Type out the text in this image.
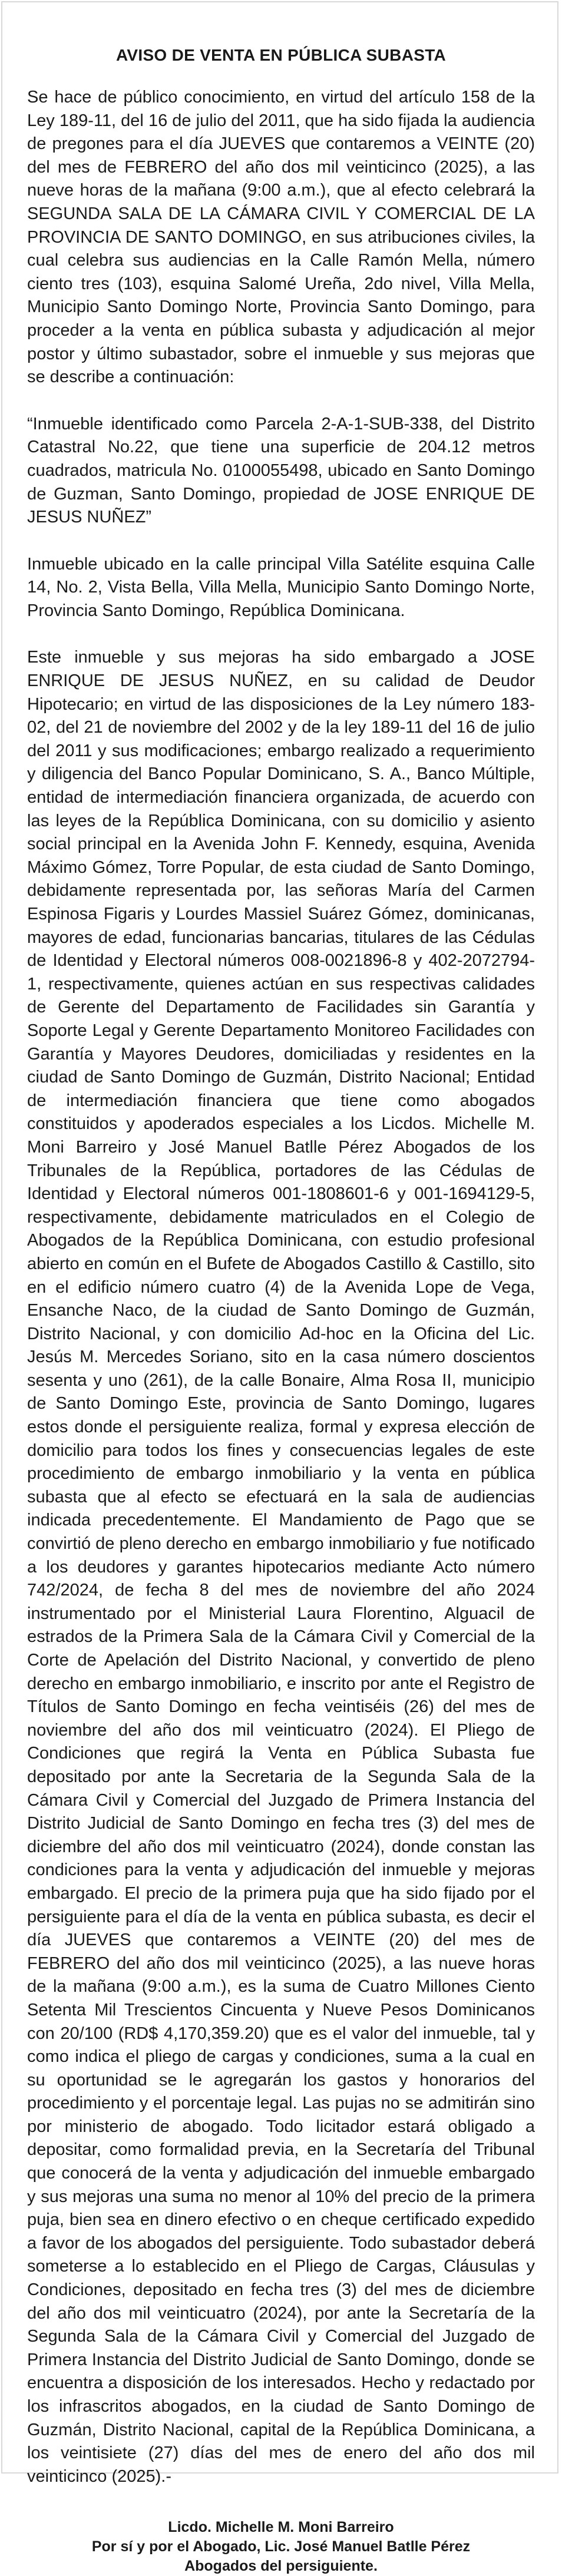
AVISO DE VENTA EN PÚBLICA SUBASTA

Se hace de público conocimiento, en virtud del artículo 158 de la Ley 189-11, del 16 de julio del 2011, que ha sido fijada la audiencia de pregones para el día JUEVES que contaremos a VEINTE (20) del mes de FEBRERO del año dos mil veinticinco (2025), a las nueve horas de la mañana (9:00 a.m.), que al efecto celebrará la SEGUNDA SALA DE LA CÁMARA CIVIL Y COMERCIAL DE LA PROVINCIA DE SANTO DOMINGO, en sus atribuciones civiles, la cual celebra sus audiencias en la Calle Ramón Mella, número ciento tres (103), esquina Salomé Ureña, 2do nivel, Villa Mella, Municipio Santo Domingo Norte, Provincia Santo Domingo, para proceder a la venta en pública subasta y adjudicación al mejor postor y último subastador, sobre el inmueble y sus mejoras que se describe a continuación:

“Inmueble identificado como Parcela 2-A-1-SUB-338, del Distrito Catastral No.22, que tiene una superficie de 204.12 metros cuadrados, matricula No. 0100055498, ubicado en Santo Domingo de Guzman, Santo Domingo, propiedad de JOSE ENRIQUE DE JESUS NUÑEZ”

Inmueble ubicado en la calle principal Villa Satélite esquina Calle 14, No. 2, Vista Bella, Villa Mella, Municipio Santo Domingo Norte, Provincia Santo Domingo, República Dominicana.

Este inmueble y sus mejoras ha sido embargado a JOSE ENRIQUE DE JESUS NUÑEZ, en su calidad de Deudor Hipotecario; en virtud de las disposiciones de la Ley número 183-02, del 21 de noviembre del 2002 y de la ley 189-11 del 16 de julio del 2011 y sus modificaciones; embargo realizado a requerimiento y diligencia del Banco Popular Dominicano, S. A., Banco Múltiple, entidad de intermediación financiera organizada, de acuerdo con las leyes de la República Dominicana, con su domicilio y asiento social principal en la Avenida John F. Kennedy, esquina, Avenida Máximo Gómez, Torre Popular, de esta ciudad de Santo Domingo, debidamente representada por, las señoras María del Carmen Espinosa Figaris y Lourdes Massiel Suárez Gómez, dominicanas, mayores de edad, funcionarias bancarias, titulares de las Cédulas de Identidad y Electoral números 008-0021896-8 y 402-2072794-1, respectivamente, quienes actúan en sus respectivas calidades de Gerente del Departamento de Facilidades sin Garantía y Soporte Legal y Gerente Departamento Monitoreo Facilidades con Garantía y Mayores Deudores, domiciliadas y residentes en la ciudad de Santo Domingo de Guzmán, Distrito Nacional; Entidad de intermediación financiera que tiene como abogados constituidos y apoderados especiales a los Licdos. Michelle M. Moni Barreiro y José Manuel Batlle Pérez Abogados de los Tribunales de la República, portadores de las Cédulas de Identidad y Electoral números 001-1808601-6 y 001-1694129-5, respectivamente, debidamente matriculados en el Colegio de Abogados de la República Dominicana, con estudio profesional abierto en común en el Bufete de Abogados Castillo & Castillo, sito en el edificio número cuatro (4) de la Avenida Lope de Vega, Ensanche Naco, de la ciudad de Santo Domingo de Guzmán, Distrito Nacional, y con domicilio Ad-hoc en la Oficina del Lic. Jesús M. Mercedes Soriano, sito en la casa número doscientos sesenta y uno (261), de la calle Bonaire, Alma Rosa II, municipio de Santo Domingo Este, provincia de Santo Domingo, lugares estos donde el persiguiente realiza, formal y expresa elección de domicilio para todos los fines y consecuencias legales de este procedimiento de embargo inmobiliario y la venta en pública subasta que al efecto se efectuará en la sala de audiencias indicada precedentemente. El Mandamiento de Pago que se convirtió de pleno derecho en embargo inmobiliario y fue notificado a los deudores y garantes hipotecarios mediante Acto número 742/2024, de fecha 8 del mes de noviembre del año 2024 instrumentado por el Ministerial Laura Florentino, Alguacil de estrados de la Primera Sala de la Cámara Civil y Comercial de la Corte de Apelación del Distrito Nacional, y convertido de pleno derecho en embargo inmobiliario, e inscrito por ante el Registro de Títulos de Santo Domingo en fecha veintiséis (26) del mes de noviembre del año dos mil veinticuatro (2024). El Pliego de Condiciones que regirá la Venta en Pública Subasta fue depositado por ante la Secretaria de la Segunda Sala de la Cámara Civil y Comercial del Juzgado de Primera Instancia del Distrito Judicial de Santo Domingo en fecha tres (3) del mes de diciembre del año dos mil veinticuatro (2024), donde constan las condiciones para la venta y adjudicación del inmueble y mejoras embargado. El precio de la primera puja que ha sido fijado por el persiguiente para el día de la venta en pública subasta, es decir el día JUEVES que contaremos a VEINTE (20) del mes de FEBRERO del año dos mil veinticinco (2025), a las nueve horas de la mañana (9:00 a.m.), es la suma de Cuatro Millones Ciento Setenta Mil Trescientos Cincuenta y Nueve Pesos Dominicanos con 20/100 (RD$ 4,170,359.20) que es el valor del inmueble, tal y como indica el pliego de cargas y condiciones, suma a la cual en su oportunidad se le agregarán los gastos y honorarios del procedimiento y el porcentaje legal. Las pujas no se admitirán sino por ministerio de abogado. Todo licitador estará obligado a depositar, como formalidad previa, en la Secretaría del Tribunal que conocerá de la venta y adjudicación del inmueble embargado y sus mejoras una suma no menor al 10% del precio de la primera puja, bien sea en dinero efectivo o en cheque certificado expedido a favor de los abogados del persiguiente. Todo subastador deberá someterse a lo establecido en el Pliego de Cargas, Cláusulas y Condiciones, depositado en fecha tres (3) del mes de diciembre del año dos mil veinticuatro (2024), por ante la Secretaría de la Segunda Sala de la Cámara Civil y Comercial del Juzgado de Primera Instancia del Distrito Judicial de Santo Domingo, donde se encuentra a disposición de los interesados. Hecho y redactado por los infrascritos abogados, en la ciudad de Santo Domingo de Guzmán, Distrito Nacional, capital de la República Dominicana, a los veintisiete (27) días del mes de enero del año dos mil veinticinco (2025).-

Licdo. Michelle M. Moni Barreiro
Por sí y por el Abogado, Lic. José Manuel Batlle Pérez
Abogados del persiguiente.
